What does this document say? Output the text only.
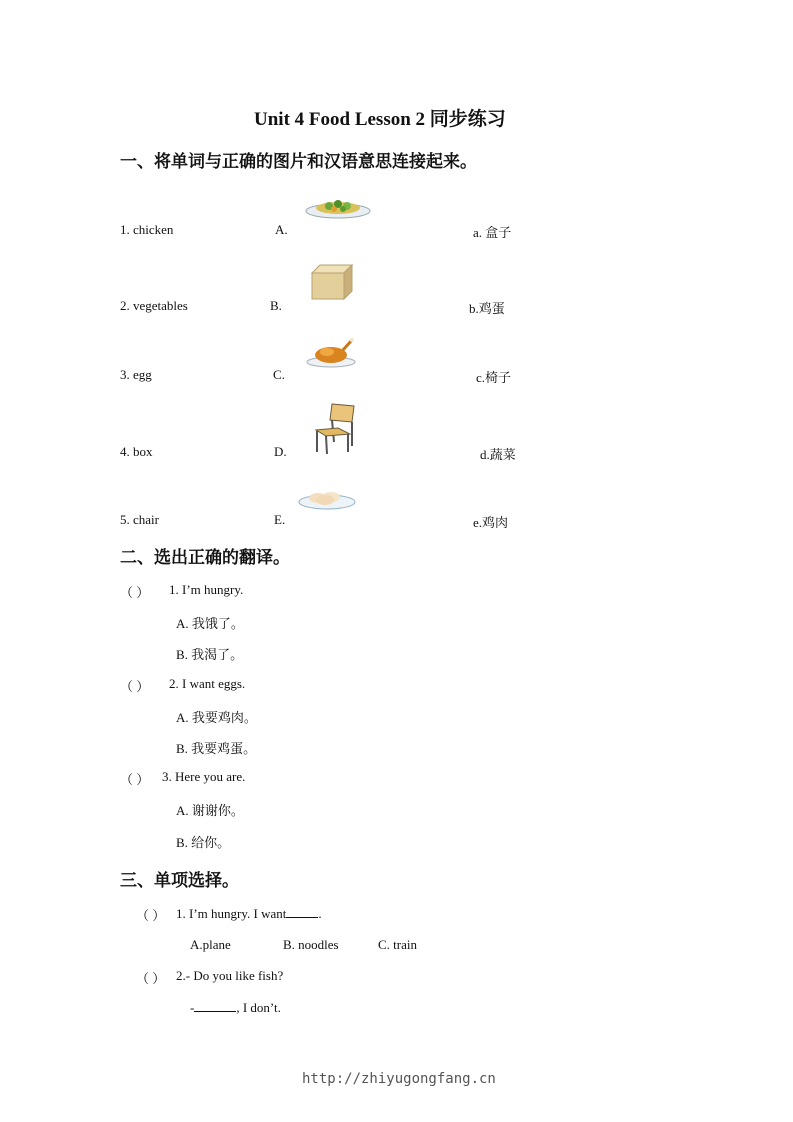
Unit 4 Food Lesson 2 同步练习
一、将单词与正确的图片和汉语意思连接起来。
1. chicken	A.	a. 盒子
2. vegetables	B.	b.鸡蛋
3. egg	C.	c.椅子
4. box	D.	d.蔬菜
5. chair	E.	e.鸡肉
二、选出正确的翻译。
（ ） 1. I’m hungry.
A. 我饿了。
B. 我渴了。
（ ） 2. I want eggs.
A. 我要鸡肉。
B. 我要鸡蛋。
（ ） 3. Here you are.
A. 谢谢你。
B. 给你。
三、单项选择。
（ ） 1. I’m hungry. I want .
A.plane	B. noodles	C. train
（ ） 2.- Do you like fish?
-	, I don’t.
http://zhiyugongfang.cn
